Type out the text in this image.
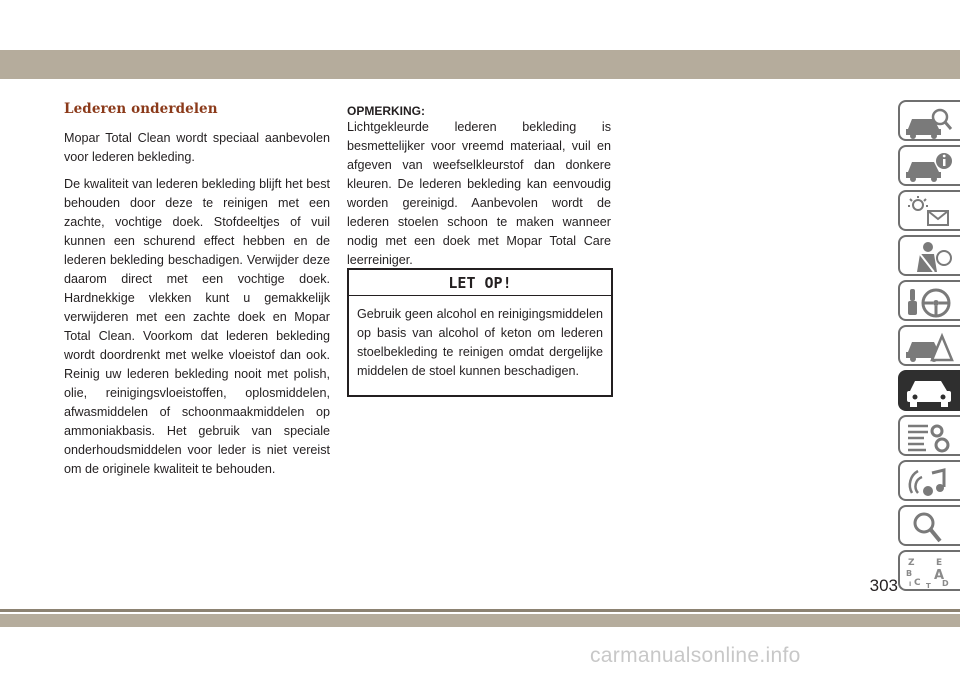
Lederen onderdelen

Mopar Total Clean wordt speciaal aanbevolen voor lederen bekleding.

De kwaliteit van lederen bekleding blijft het best behouden door deze te reinigen met een zachte, vochtige doek. Stofdeeltjes of vuil kunnen een schurend effect hebben en de lederen bekleding beschadigen. Verwijder deze daarom direct met een vochtige doek. Hardnekkige vlekken kunt u gemakkelijk verwijderen met een zachte doek en Mopar Total Clean. Voorkom dat lederen bekleding wordt doordrenkt met welke vloeistof dan ook. Reinig uw lederen bekleding nooit met polish, olie, reinigingsvloeistoffen, oplosmiddelen, afwasmiddelen of schoonmaakmiddelen op ammoniakbasis. Het gebruik van speciale onderhoudsmiddelen voor leder is niet vereist om de originele kwaliteit te behouden.

OPMERKING:

Lichtgekleurde lederen bekleding is besmettelijker voor vreemd materiaal, vuil en afgeven van weefselkleurstof dan donkere kleuren. De lederen bekleding kan eenvoudig worden gereinigd. Aanbevolen wordt de lederen stoelen schoon te maken wanneer nodig met een doek met Mopar Total Care leerreiniger.

LET OP!
Gebruik geen alcohol en reinigingsmiddelen op basis van alcohol of keton om lederen stoelbekleding te reinigen omdat dergelijke middelen de stoel kunnen beschadigen.
Z E
B A
C	D
I T
303
carmanualsonline.info
